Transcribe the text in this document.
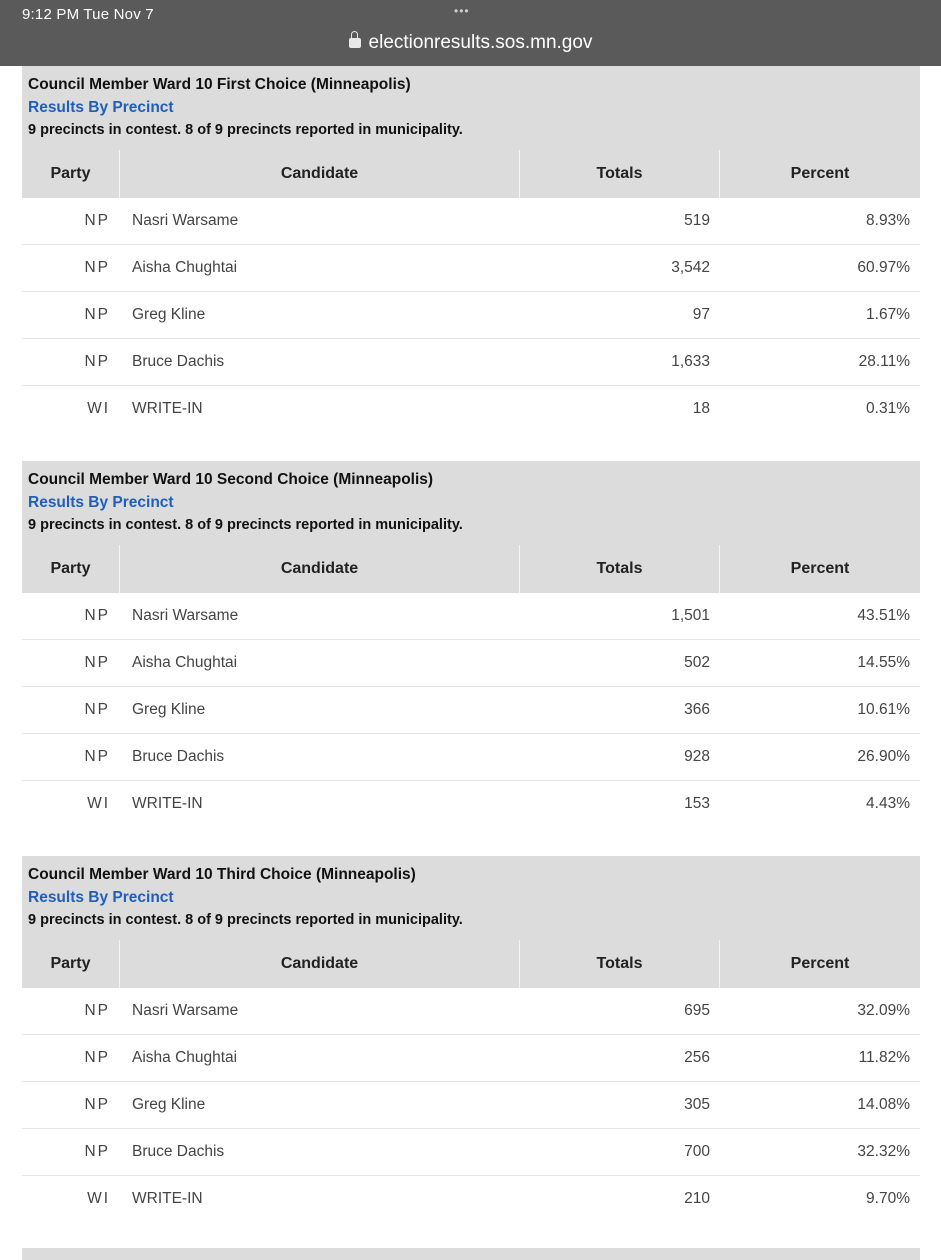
9:12 PM Tue Nov 7	•••
electionresults.sos.mn.gov
Council Member Ward 10 First Choice (Minneapolis)
Results By Precinct
9 precincts in contest. 8 of 9 precincts reported in municipality.
Party	Candidate	Totals	Percent
NP	Nasri Warsame	519	8.93%
NP	Aisha Chughtai	3,542	60.97%
NP	Greg Kline	97	1.67%
NP	Bruce Dachis	1,633	28.11%
WI	WRITE-IN	18	0.31%
Council Member Ward 10 Second Choice (Minneapolis)
Results By Precinct
9 precincts in contest. 8 of 9 precincts reported in municipality.
Party	Candidate	Totals	Percent
NP	Nasri Warsame	1,501	43.51%
NP	Aisha Chughtai	502	14.55%
NP	Greg Kline	366	10.61%
NP	Bruce Dachis	928	26.90%
WI	WRITE-IN	153	4.43%
Council Member Ward 10 Third Choice (Minneapolis)
Results By Precinct
9 precincts in contest. 8 of 9 precincts reported in municipality.
Party	Candidate	Totals	Percent
NP	Nasri Warsame	695	32.09%
NP	Aisha Chughtai	256	11.82%
NP	Greg Kline	305	14.08%
NP	Bruce Dachis	700	32.32%
WI	WRITE-IN	210	9.70%
